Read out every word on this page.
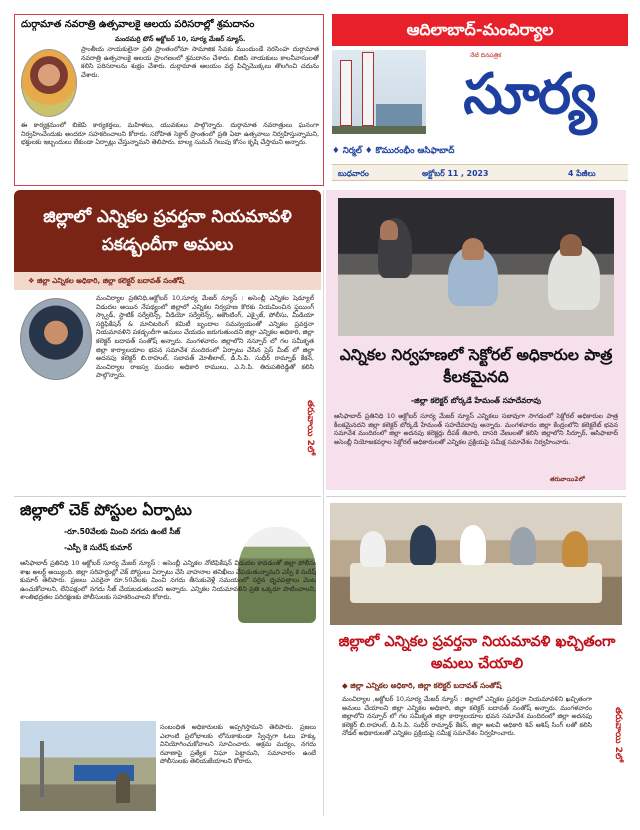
దుర్గామాత నవరాత్రి ఉత్సవాలకై ఆలయ పరిసరాల్లో శ్రమదానం
మందమర్రి టౌన్ అక్టోబర్ 10, సూర్య మేజర్ న్యూస్.
ప్రాంతీయ నాయకులైనా ప్రతి ప్రాంతంలోనూ సామాజిక సేవకు ముందుండే నరసింహ దుర్గామాత నవరాత్రి ఉత్సవాలకై ఆలయ ప్రాంగణంలో శ్రమదానం చేశారు. బిజిపి నాయకులు కాలనీవాసులతో కలిసి పరిసరాలను శుభ్రం చేశారు. దుర్గామాత ఆలయం వద్ద పిచ్చిమొక్కలు తొలగించి చదును చేశారు.
ఈ కార్యక్రమంలో బిజెపి కార్యకర్తలు, మహిళలు, యువకులు పాల్గొన్నారు. దుర్గామాత నవరాత్రులు ఘనంగా నిర్వహించేందుకు అందరూ సహకరించాలని కోరారు. సరోహిత సెక్టార్ ప్రాంతంలో ప్రతి ఏటా ఉత్సవాలు నిర్వహిస్తున్నామని, భక్తులకు ఇబ్బందులు లేకుండా ఏర్పాట్లు చేస్తున్నామని తెలిపారు. బాల్య సుమన్ గెలుపు కోసం కృషి చేస్తామని అన్నారు.
ఆదిలాబాద్-మంచిర్యాల
సూర్య
నేటి దినపత్రిక
♦ నిర్మల్ ♦ కొమురంభీం ఆసిఫాబాద్
బుధవారం	అక్టోబర్ 11 , 2023	4 పేజీలు
జిల్లాలో ఎన్నికల ప్రవర్తనా నియమావళి పకడ్బందీగా అమలు
❖ జిల్లా ఎన్నికల అధికారి, జిల్లా కలెక్టర్ బదావత్ సంతోష్
మంచిర్యాల ప్రతినిధి,అక్టోబర్ 10,సూర్య మేజర్ న్యూస్ : అసెంబ్లీ ఎన్నికల షెడ్యూల్ విడుదల అయిన నేపథ్యంలో జిల్లాలో ఎన్నికల నిర్వహణ కొరకు నియమించిన ఫ్లయింగ్ స్క్వాడ్, స్టాటిక్ సర్వేలెన్స్, వీడియో సర్వేలెన్స్, అకౌంటింగ్, ఎక్సైజ్, పోలీసు, మీడియా సర్టిఫికేషన్ & మానిటరింగ్ కమిటీ బృందాల సమన్వయంతో ఎన్నికల ప్రవర్తనా నియమావళిని పకడ్బందీగా అమలు చేయడం జరుగుతుందని జిల్లా ఎన్నికల అధికారి, జిల్లా కలెక్టర్ బదావత్ సంతోష్ అన్నారు. మంగళవారం జిల్లాలోని నస్పూర్ లో గల సమీకృత జిల్లా కార్యాలయాల భవన సమావేశ మందిరంలో ఏర్పాటు చేసిన ప్రెస్ మీట్ లో జిల్లా అదనపు కలెక్టర్ బి.రాహుల్, సబావత్ మోతీలాల్, డి.సి.పి. సుధీర్ రామ్నాథ్ కేకన్, మంచిర్యాల రాజస్వ మండల అధికారి రాములు, ఎ.సి.పి. తిరుపతిరెడ్డితో కలిసి పాల్గొన్నారు.
తరువాయి 2లో
ఎన్నికల నిర్వహణలో సెక్టోరల్ అధికారుల పాత్ర కీలకమైనది
-జిల్లా కలెక్టర్ బోర్కడే హేమంత్ సహదేవరావు
ఆసిఫాబాద్ ప్రతినిధి 10 అక్టోబర్ సూర్య మేజర్ న్యూస్ ఎన్నికలు సజావుగా సాగడంలో సెక్టోరల్ అధికారుల పాత్ర కీలకమైనదని జిల్లా కలెక్టర్ బోర్కడే హేమంత్ సహదేవరావు అన్నారు. మంగళవారం జిల్లా కేంద్రంలోని కలెక్టరేట్ భవన సమావేశ మందిరంలో జిల్లా అదనపు కలెక్టర్లు దీపక్ తివారి, దాసరి వేణులతో కలిసి జిల్లాలోని సిర్పూర్, ఆసిఫాబాద్ అసెంబ్లీ నియోజకవర్గాల సెక్టోరల్ అధికారులతో ఎన్నికల ప్రక్రియపై సమీక్ష సమావేశం నిర్వహించారు.
తరువాయి2లో
జిల్లాలో చెక్ పోస్టుల ఏర్పాటు
-రూ.50వేలకు మించి నగదు ఉంటే సీజ్
-ఎస్పీ కె సురేష్ కుమార్
ఆసిఫాబాద్ ప్రతినిధి 10 అక్టోబర్ సూర్య మేజర్ న్యూస్ : అసెంబ్లీ ఎన్నికల నోటిఫికేషన్ విడుదల కావడంతో జిల్లా పోలీసు శాఖ అలర్ట్ అయ్యింది. జిల్లా సరిహద్దుల్లో చెక్ పోస్టులు ఏర్పాటు చేసి వాహనాల తనిఖీలు చేపడుతున్నామని ఎస్పీ కె సురేష్ కుమార్ తెలిపారు. ప్రజలు ఎవరైనా రూ.50వేలకు మించి నగదు తీసుకువెళ్లే సమయంలో సరైన ధృవపత్రాలు వెంట ఉంచుకోవాలని, లేనిపక్షంలో నగదు సీజ్ చేయబడుతుందని అన్నారు. ఎన్నికల నియమావళిని ప్రతి ఒక్కరూ పాటించాలని, శాంతిభద్రతల పరిరక్షణకు పోలీసులకు సహకరించాలని కోరారు.
సంబంధిత అధికారులకు అప్పగిస్తామని తెలిపారు. ప్రజలు ఎలాంటి ప్రలోభాలకు లోనుకాకుండా స్వేచ్ఛగా ఓటు హక్కు వినియోగించుకోవాలని సూచించారు. అక్రమ మద్యం, నగదు రవాణాపై ప్రత్యేక నిఘా పెట్టామని, సమాచారం ఉంటే పోలీసులకు తెలియజేయాలని కోరారు.
జిల్లాలో ఎన్నికల ప్రవర్తనా నియమావళి ఖచ్చితంగా అమలు చేయాలి
◆ జిల్లా ఎన్నికల అధికారి, జిల్లా కలెక్టర్ బదావత్ సంతోష్
మంచిర్యాల ,అక్టోబర్ 10,సూర్య మేజర్ న్యూస్ : జిల్లాలో ఎన్నికల ప్రవర్తనా నియమావళిని ఖచ్చితంగా అమలు చేయాలని జిల్లా ఎన్నికల అధికారి, జిల్లా కలెక్టర్ బదావత్ సంతోష్ అన్నారు. మంగళవారం జిల్లాలోని నస్పూర్ లో గల సమీకృత జిల్లా కార్యాలయాల భవన సమావేశ మందిరంలో జిల్లా అదనపు కలెక్టర్ బి.రాహుల్, డి.సి.పి. సుధీర్ రామ్నాథ్ కేకన్, జిల్లా అటవీ అధికారి శివ్ ఆశిష్ సింగ్ లతో కలిసి నోడల్ అధికారులతో ఎన్నికల ప్రక్రియపై సమీక్ష సమావేశం నిర్వహించారు.	తరువాయి 2లో
